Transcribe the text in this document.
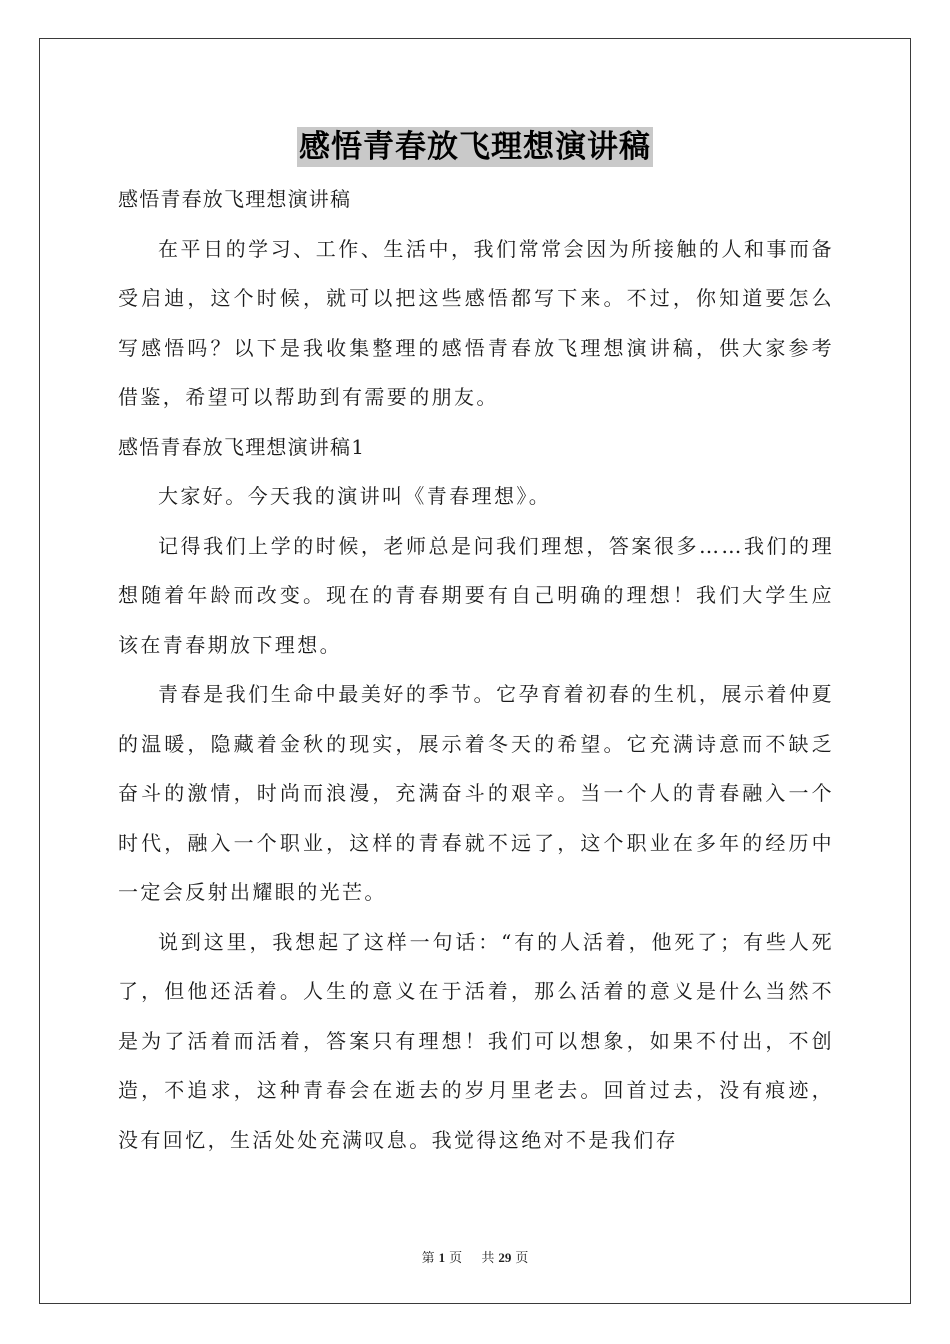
感悟青春放飞理想演讲稿

感悟青春放飞理想演讲稿

在平日的学习、工作、生活中，我们常常会因为所接触的人和事而备受启迪，这个时候，就可以把这些感悟都写下来。不过，你知道要怎么写感悟吗？以下是我收集整理的感悟青春放飞理想演讲稿，供大家参考借鉴，希望可以帮助到有需要的朋友。

感悟青春放飞理想演讲稿1

大家好。今天我的演讲叫《青春理想》。

记得我们上学的时候，老师总是问我们理想，答案很多……我们的理想随着年龄而改变。现在的青春期要有自己明确的理想！我们大学生应该在青春期放下理想。

青春是我们生命中最美好的季节。它孕育着初春的生机，展示着仲夏的温暖，隐藏着金秋的现实，展示着冬天的希望。它充满诗意而不缺乏奋斗的激情，时尚而浪漫，充满奋斗的艰辛。当一个人的青春融入一个时代，融入一个职业，这样的青春就不远了，这个职业在多年的经历中一定会反射出耀眼的光芒。

说到这里，我想起了这样一句话：“有的人活着，他死了；有些人死了，但他还活着。人生的意义在于活着，那么活着的意义是什么当然不是为了活着而活着，答案只有理想！我们可以想象，如果不付出，不创造，不追求，这种青春会在逝去的岁月里老去。回首过去，没有痕迹，没有回忆，生活处处充满叹息。我觉得这绝对不是我们存

第 1 页 共 29 页
